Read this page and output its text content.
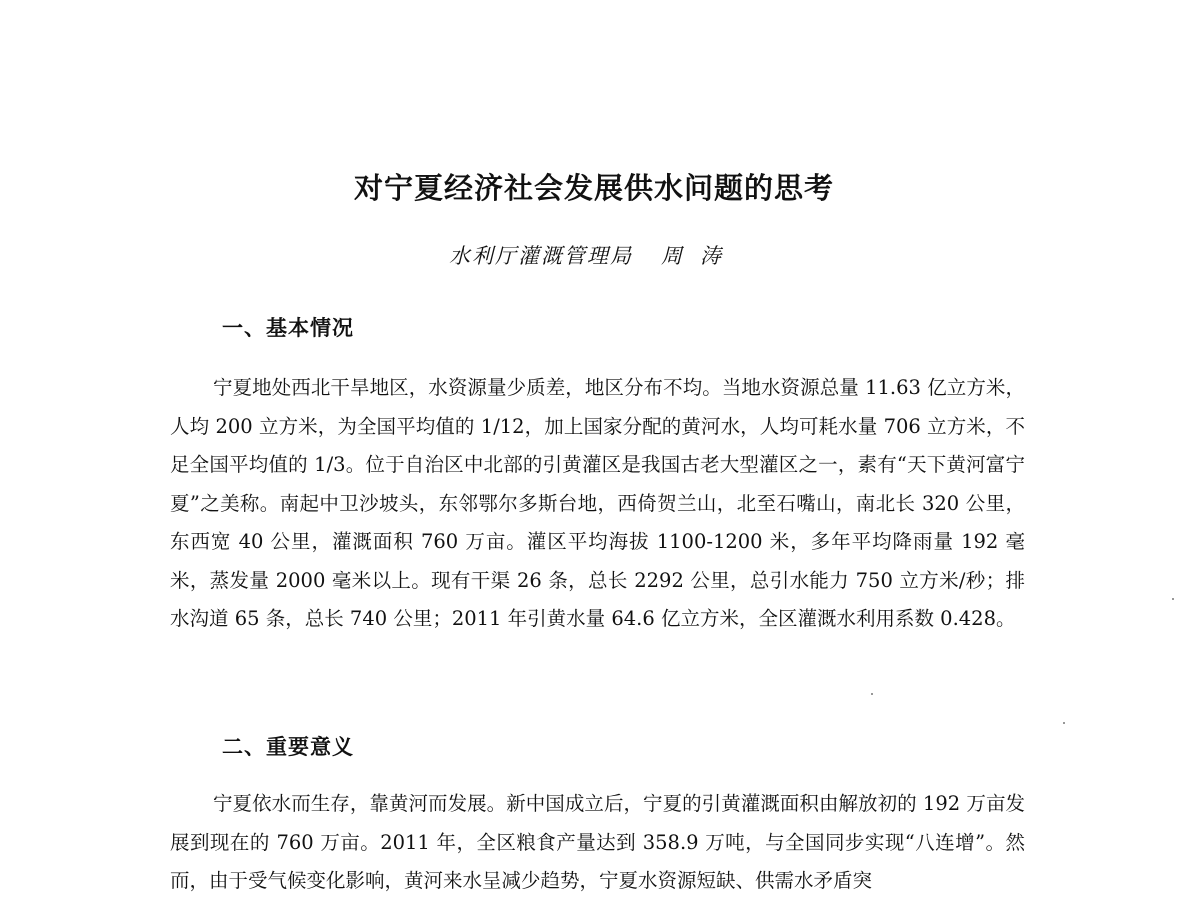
对宁夏经济社会发展供水问题的思考
水利厅灌溉管理局 周涛
一、基本情况

宁夏地处西北干旱地区，水资源量少质差，地区分布不均。当地水资源总量 11.63 亿立方米，人均 200 立方米，为全国平均值的 1/12，加上国家分配的黄河水，人均可耗水量 706 立方米，不足全国平均值的 1/3。位于自治区中北部的引黄灌区是我国古老大型灌区之一，素有“天下黄河富宁夏”之美称。南起中卫沙坡头，东邻鄂尔多斯台地，西倚贺兰山，北至石嘴山，南北长 320 公里，东西宽 40 公里，灌溉面积 760 万亩。灌区平均海拔 1100-1200 米，多年平均降雨量 192 毫米，蒸发量 2000 毫米以上。现有干渠 26 条，总长 2292 公里，总引水能力 750 立方米/秒；排水沟道 65 条，总长 740 公里；2011 年引黄水量 64.6 亿立方米，全区灌溉水利用系数 0.428。

二、重要意义

宁夏依水而生存，靠黄河而发展。新中国成立后，宁夏的引黄灌溉面积由解放初的 192 万亩发展到现在的 760 万亩。2011 年，全区粮食产量达到 358.9 万吨，与全国同步实现“八连增”。然而，由于受气候变化影响，黄河来水呈减少趋势，宁夏水资源短缺、供需水矛盾突
